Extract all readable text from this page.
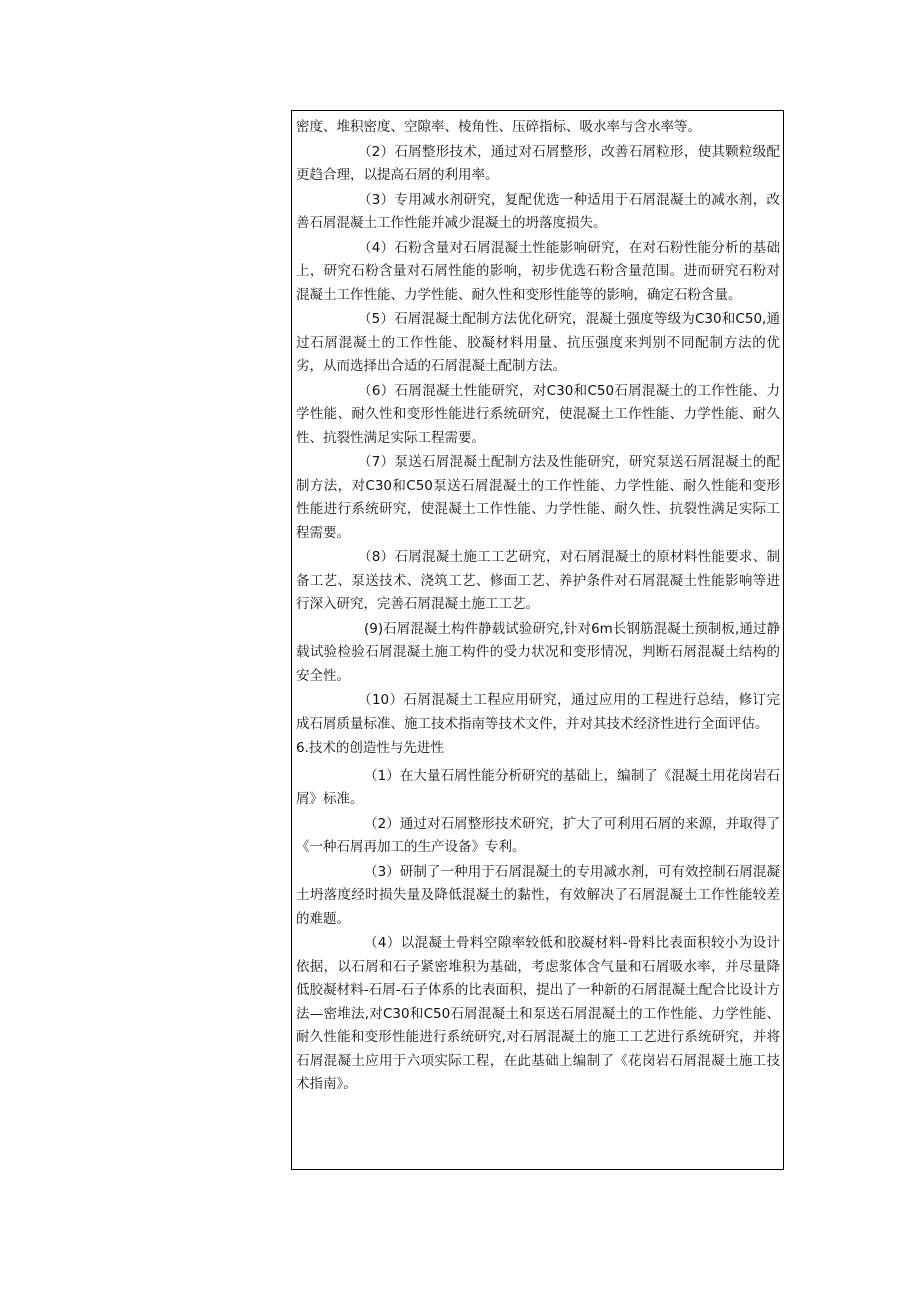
密度、堆积密度、空隙率、棱角性、压碎指标、吸水率与含水率等。

（2）石屑整形技术，通过对石屑整形，改善石屑粒形，使其颗粒级配更趋合理，以提高石屑的利用率。

（3）专用减水剂研究，复配优选一种适用于石屑混凝土的减水剂，改善石屑混凝土工作性能并减少混凝土的坍落度损失。

（4）石粉含量对石屑混凝土性能影响研究，在对石粉性能分析的基础上，研究石粉含量对石屑性能的影响，初步优选石粉含量范围。进而研究石粉对混凝土工作性能、力学性能、耐久性和变形性能等的影响，确定石粉含量。

（5）石屑混凝土配制方法优化研究，混凝土强度等级为C30和C50,通过石屑混凝土的工作性能、胶凝材料用量、抗压强度来判别不同配制方法的优劣，从而选择出合适的石屑混凝土配制方法。

（6）石屑混凝土性能研究，对C30和C50石屑混凝土的工作性能、力学性能、耐久性和变形性能进行系统研究，使混凝土工作性能、力学性能、耐久性、抗裂性满足实际工程需要。

（7）泵送石屑混凝土配制方法及性能研究，研究泵送石屑混凝土的配制方法，对C30和C50泵送石屑混凝土的工作性能、力学性能、耐久性能和变形性能进行系统研究，使混凝土工作性能、力学性能、耐久性、抗裂性满足实际工程需要。

（8）石屑混凝土施工工艺研究，对石屑混凝土的原材料性能要求、制备工艺、泵送技术、浇筑工艺、修面工艺、养护条件对石屑混凝土性能影响等进行深入研究，完善石屑混凝土施工工艺。

(9)石屑混凝土构件静载试验研究,针对6m长钢筋混凝土预制板,通过静载试验检验石屑混凝土施工构件的受力状况和变形情况，判断石屑混凝土结构的安全性。

（10）石屑混凝土工程应用研究，通过应用的工程进行总结，修订完成石屑质量标准、施工技术指南等技术文件，并对其技术经济性进行全面评估。

6.技术的创造性与先进性

（1）在大量石屑性能分析研究的基础上，编制了《混凝土用花岗岩石屑》标准。

（2）通过对石屑整形技术研究，扩大了可利用石屑的来源，并取得了《一种石屑再加工的生产设备》专利。

（3）研制了一种用于石屑混凝土的专用减水剂，可有效控制石屑混凝土坍落度经时损失量及降低混凝土的黏性，有效解决了石屑混凝土工作性能较差的难题。

（4）以混凝土骨料空隙率较低和胶凝材料-骨料比表面积较小为设计依据，以石屑和石子紧密堆积为基础，考虑浆体含气量和石屑吸水率，并尽量降低胶凝材料-石屑-石子体系的比表面积，提出了一种新的石屑混凝土配合比设计方法—密堆法,对C30和C50石屑混凝土和泵送石屑混凝土的工作性能、力学性能、耐久性能和变形性能进行系统研究,对石屑混凝土的施工工艺进行系统研究，并将石屑混凝土应用于六项实际工程，在此基础上编制了《花岗岩石屑混凝土施工技术指南》。
